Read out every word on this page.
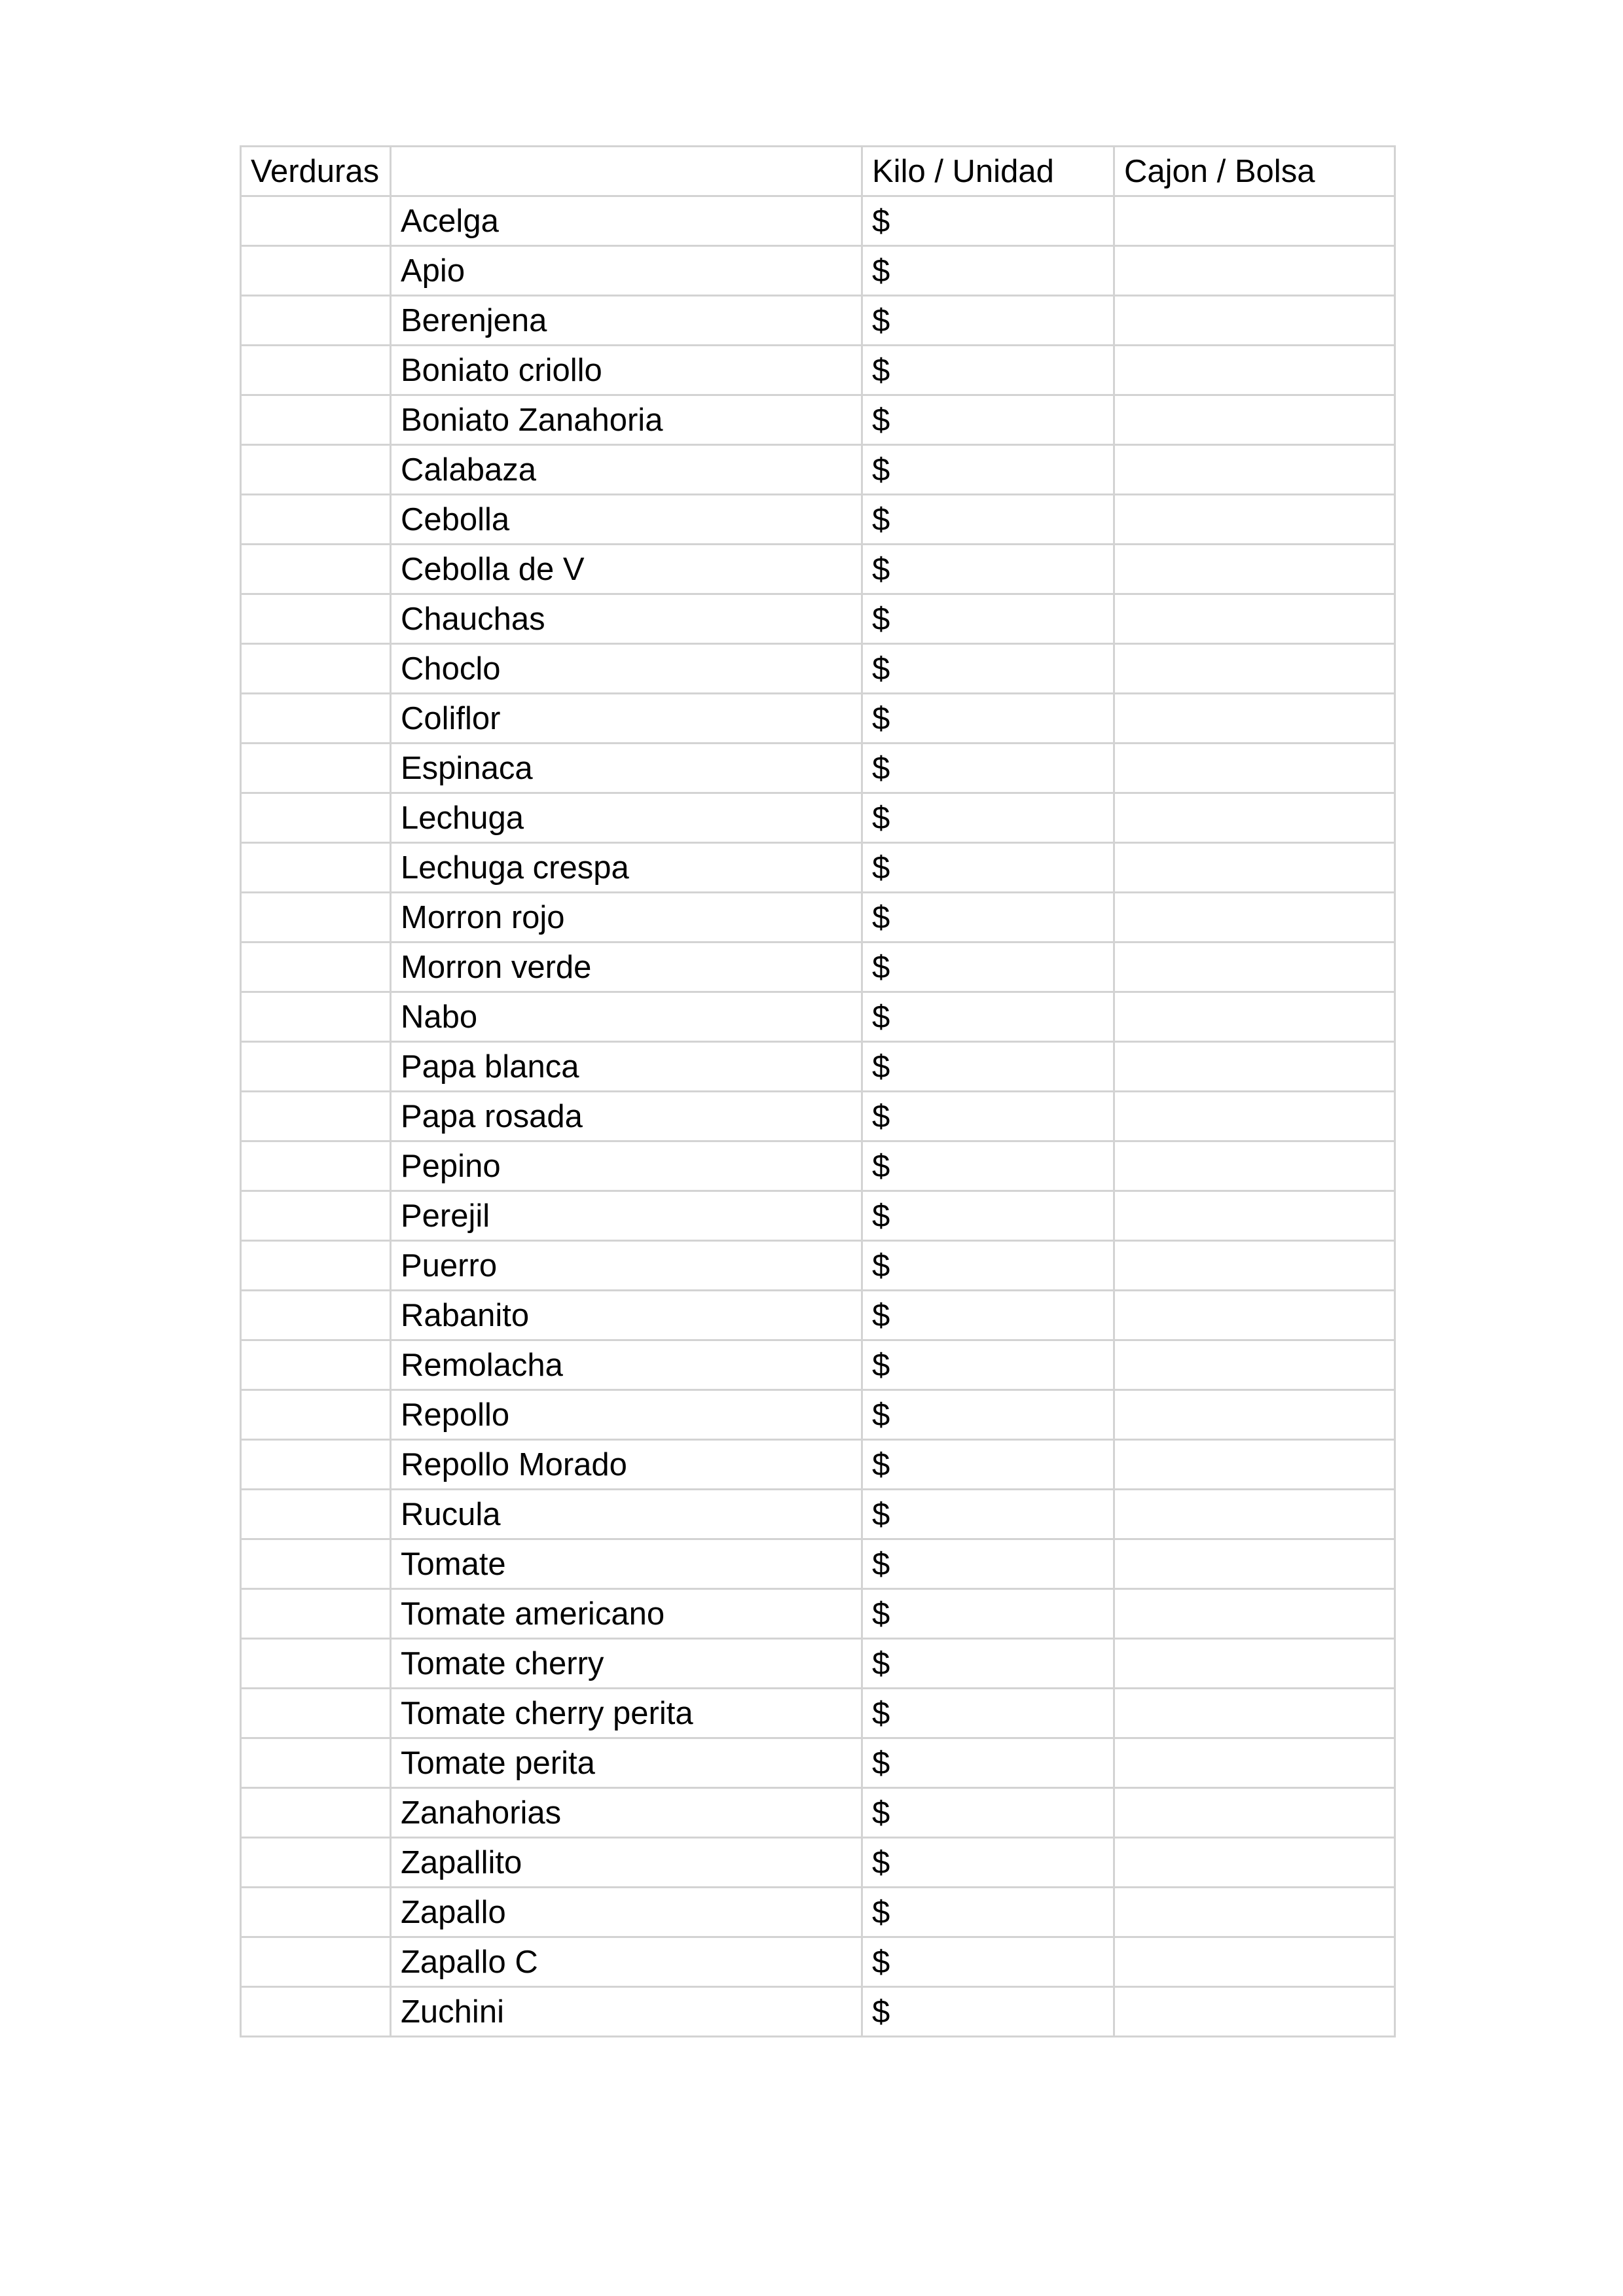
Verduras		Kilo / Unidad	Cajon / Bolsa
	Acelga	$	
	Apio	$	
	Berenjena	$	
	Boniato criollo	$	
	Boniato Zanahoria	$	
	Calabaza	$	
	Cebolla	$	
	Cebolla de V	$	
	Chauchas	$	
	Choclo	$	
	Coliflor	$	
	Espinaca	$	
	Lechuga	$	
	Lechuga crespa	$	
	Morron rojo	$	
	Morron verde	$	
	Nabo	$	
	Papa blanca	$	
	Papa rosada	$	
	Pepino	$	
	Perejil	$	
	Puerro	$	
	Rabanito	$	
	Remolacha	$	
	Repollo	$	
	Repollo Morado	$	
	Rucula	$	
	Tomate	$	
	Tomate americano	$	
	Tomate cherry	$	
	Tomate cherry perita	$	
	Tomate perita	$	
	Zanahorias	$	
	Zapallito	$	
	Zapallo	$	
	Zapallo C	$	
	Zuchini	$	
